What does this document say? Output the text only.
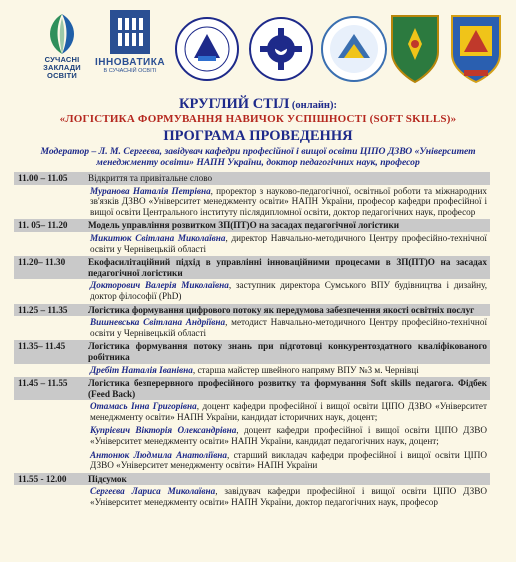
СУЧАСНІ
ЗАКЛАДИ
ОСВІТИ
ІННОВАТИКА
В СУЧАСНІЙ ОСВІТІ
КРУГЛИЙ СТІЛ (онлайн):
«ЛОГІСТИКА ФОРМУВАННЯ НАВИЧОК УСПІШНОСТІ (SOFT SKILLS)»
ПРОГРАМА ПРОВЕДЕННЯ
Модератор – Л. М. Сергеєва, завідувач кафедри професійної і вищої освіти ЦІПО ДЗВО «Університет менеджменту освіти» НАПН України, доктор педагогічних наук, професор
11.00 – 11.05	Відкриття та привітальне слово
Муранова Наталія Петрівна, проректор з науково-педагогічної, освітньої роботи та міжнародних зв'язків ДЗВО «Університет менеджменту освіти» НАПН України, професор кафедри професійної і вищої освіти Центрального інституту післядипломної освіти, доктор педагогічних наук, професор
11. 05– 11.20	Модель управління розвитком ЗП(ПТ)О на засадах педагогічної логістики
Микитюк Світлана Миколаївна, директор Навчально-методичного Центру професійно-технічної освіти у Чернівецькій області
11.20– 11.30	Екофасилітаційний підхід в управлінні інноваційними процесами в ЗП(ПТ)О на засадах педагогічної логістики
Докторович Валерія Миколаївна, заступник директора Сумського ВПУ будівництва і дизайну, доктор філософії (PhD)
11.25 – 11.35	Логістика формування цифрового потоку як передумова забезпечення якості освітніх послуг
Вишневська Світлана Андріївна, методист Навчально-методичного Центру професійно-технічної освіти у Чернівецькій області
11.35– 11.45	Логістика формування потоку знань при підготовці конкурентоздатного кваліфікованого робітника
Дребіт Наталія Іванівна, старша майстер швейного напряму ВПУ №3 м. Чернівці
11.45 – 11.55	Логістика безперервного професійного розвитку та формування Soft skills педагога. Фідбек (Feed Back)
Отамась Інна Григорівна, доцент кафедри професійної і вищої освіти ЦІПО ДЗВО «Університет менеджменту освіти» НАПН України, кандидат історичних наук, доцент;
Купрієвич Вікторія Олександрівна, доцент кафедри професійної і вищої освіти ЦІПО ДЗВО «Університет менеджменту освіти» НАПН України, кандидат педагогічних наук, доцент;
Антонюк Людмила Анатоліївна, старший викладач кафедри професійної і вищої освіти ЦІПО ДЗВО «Університет менеджменту освіти» НАПН України
11.55 - 12.00	Підсумок
Сергеєва Лариса Миколаївна, завідувач кафедри професійної і вищої освіти ЦІПО ДЗВО «Університет менеджменту освіти» НАПН України, доктор педагогічних наук, професор
